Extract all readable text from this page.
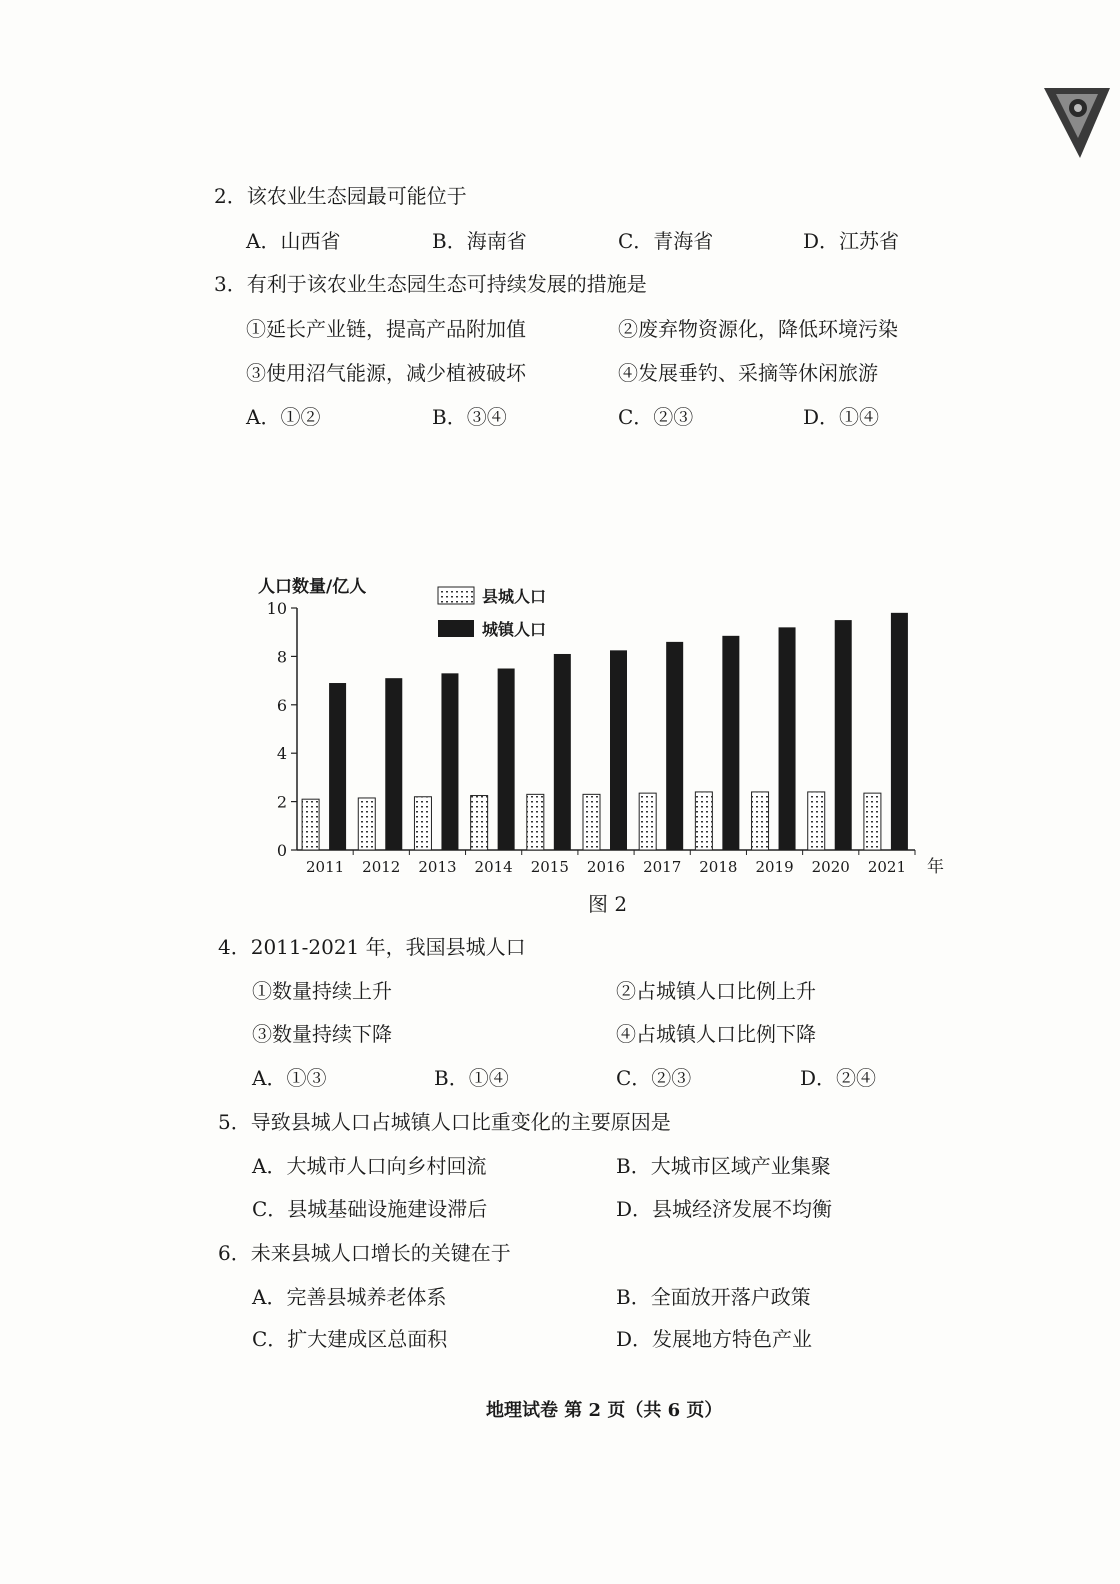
2．该农业生态园最可能位于
A．山西省	B．海南省	C．青海省	D．江苏省
3．有利于该农业生态园生态可持续发展的措施是
①延长产业链，提高产品附加值	②废弃物资源化，降低环境污染
③使用沼气能源，减少植被破坏	④发展垂钓、采摘等休闲旅游
A．①②	B．③④	C．②③	D．①④
0
2
4
6
8
10
人口数量/亿人
年
2011 2012 2013 2014 2015 2016 2017 2018 2019 2020 2021
县城人口
城镇人口
图 2
4．2011-2021 年，我国县城人口
①数量持续上升	②占城镇人口比例上升
③数量持续下降	④占城镇人口比例下降
A．①③	B．①④	C．②③	D．②④
5．导致县城人口占城镇人口比重变化的主要原因是
A．大城市人口向乡村回流	B．大城市区域产业集聚
C．县城基础设施建设滞后	D．县城经济发展不均衡
6．未来县城人口增长的关键在于
A．完善县城养老体系	B．全面放开落户政策
C．扩大建成区总面积	D．发展地方特色产业
地理试卷 第 2 页（共 6 页）
